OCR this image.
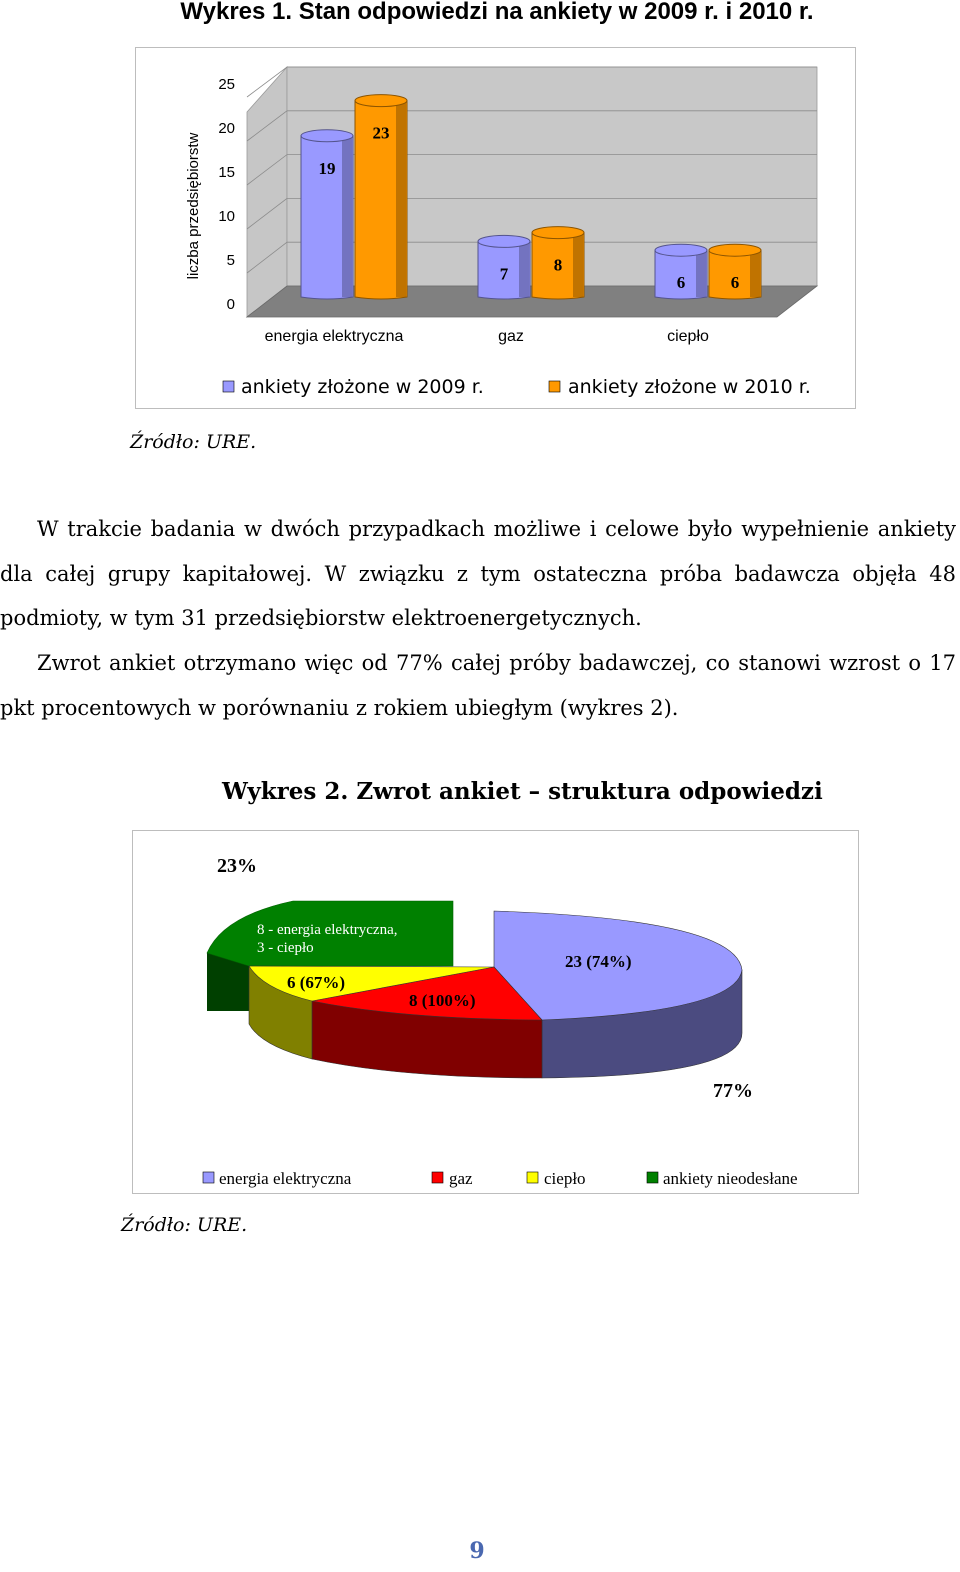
Wykres 1. Stan odpowiedzi na ankiety w 2009 r. i 2010 r.
0
5
10
15
20
25
liczba przedsiębiorstw	19
23
7	8
6	6
energia elektryczna	gaz	ciepło
ankiety złożone w 2009 r.	ankiety złożone w 2010 r.
Źródło: URE.
W trakcie badania w dwóch przypadkach możliwe i celowe było wypełnienie ankiety dla całej grupy kapitałowej. W związku z tym ostateczna próba badawcza objęła 48 podmioty, w tym 31 przedsiębiorstw elektroenergetycznych.
Zwrot ankiet otrzymano więc od 77% całej próby badawczej, co stanowi wzrost o 17 pkt procentowych w porównaniu z rokiem ubiegłym (wykres 2).
Wykres 2. Zwrot ankiet – struktura odpowiedzi
8 - energia elektryczna,
3 - ciepło
23 (74%)
8 (100%)
6 (67%)
23%
77%
energia elektryczna	gaz	ciepło	ankiety nieodesłane
Źródło: URE.
9
